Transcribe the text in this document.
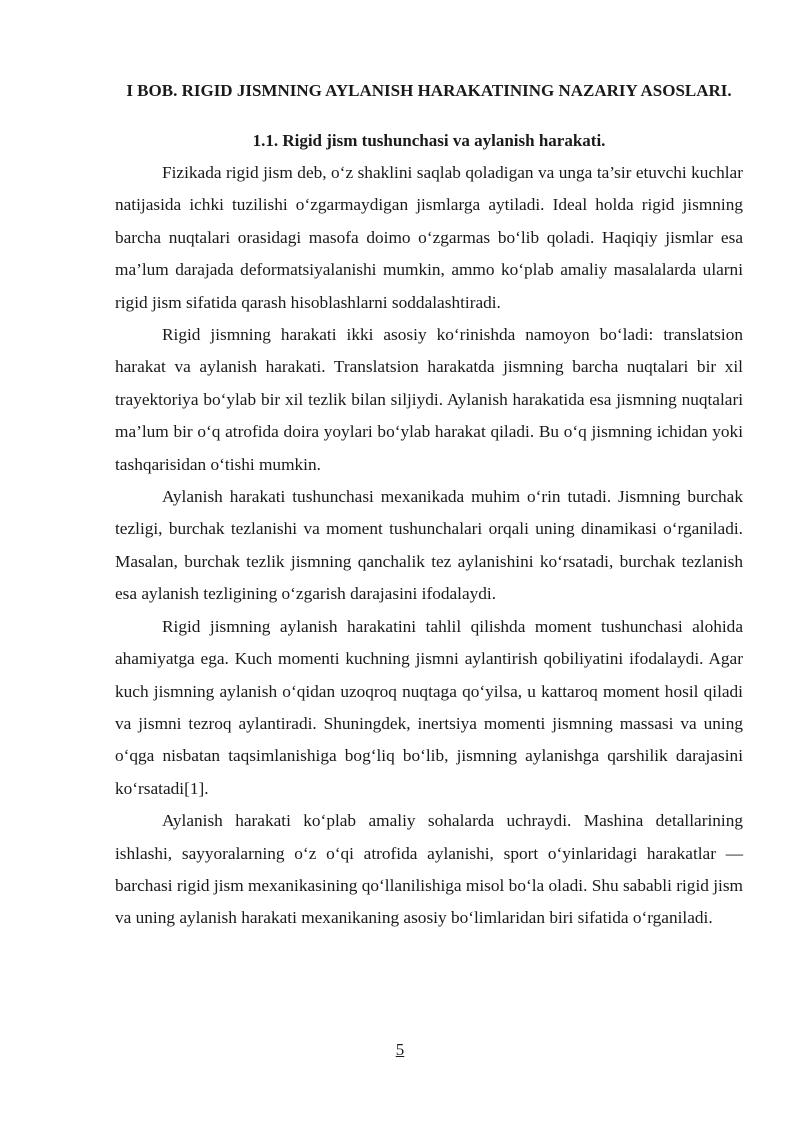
I BOB. RIGID JISMNING AYLANISH HARAKATINING NAZARIY ASOSLARI.
1.1. Rigid jism tushunchasi va aylanish harakati.

Fizikada rigid jism deb, o‘z shaklini saqlab qoladigan va unga ta’sir etuvchi kuchlar natijasida ichki tuzilishi o‘zgarmaydigan jismlarga aytiladi. Ideal holda rigid jismning barcha nuqtalari orasidagi masofa doimo o‘zgarmas bo‘lib qoladi. Haqiqiy jismlar esa ma’lum darajada deformatsiyalanishi mumkin, ammo ko‘plab amaliy masalalarda ularni rigid jism sifatida qarash hisoblashlarni soddalashtiradi.

Rigid jismning harakati ikki asosiy ko‘rinishda namoyon bo‘ladi: translatsion harakat va aylanish harakati. Translatsion harakatda jismning barcha nuqtalari bir xil trayektoriya bo‘ylab bir xil tezlik bilan siljiydi. Aylanish harakatida esa jismning nuqtalari ma’lum bir o‘q atrofida doira yoylari bo‘ylab harakat qiladi. Bu o‘q jismning ichidan yoki tashqarisidan o‘tishi mumkin.

Aylanish harakati tushunchasi mexanikada muhim o‘rin tutadi. Jismning burchak tezligi, burchak tezlanishi va moment tushunchalari orqali uning dinamikasi o‘rganiladi. Masalan, burchak tezlik jismning qanchalik tez aylanishini ko‘rsatadi, burchak tezlanish esa aylanish tezligining o‘zgarish darajasini ifodalaydi.

Rigid jismning aylanish harakatini tahlil qilishda moment tushunchasi alohida ahamiyatga ega. Kuch momenti kuchning jismni aylantirish qobiliyatini ifodalaydi. Agar kuch jismning aylanish o‘qidan uzoqroq nuqtaga qo‘yilsa, u kattaroq moment hosil qiladi va jismni tezroq aylantiradi. Shuningdek, inertsiya momenti jismning massasi va uning o‘qga nisbatan taqsimlanishiga bog‘liq bo‘lib, jismning aylanishga qarshilik darajasini ko‘rsatadi[1].

Aylanish harakati ko‘plab amaliy sohalarda uchraydi. Mashina detallarining ishlashi, sayyoralarning o‘z o‘qi atrofida aylanishi, sport o‘yinlaridagi harakatlar — barchasi rigid jism mexanikasining qo‘llanilishiga misol bo‘la oladi. Shu sababli rigid jism va uning aylanish harakati mexanikaning asosiy bo‘limlaridan biri sifatida o‘rganiladi.

5
